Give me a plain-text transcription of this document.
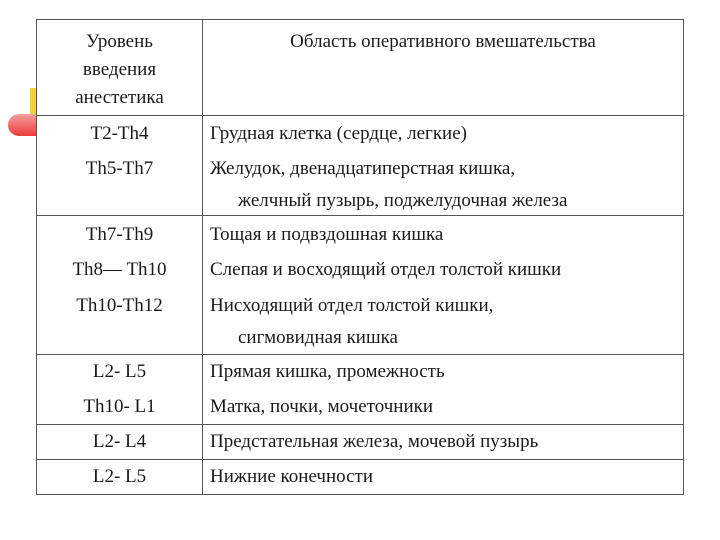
Уровень
введения
анестетика
Область оперативного вмешательства
T2-Th4
Th5-Th7
Th7-Th9
Th8— Th10
Th10-Th12
L2- L5
Th10- L1
L2- L4
L2- L5
Грудная клетка (сердце, легкие)
Желудок, двенадцатиперстная кишка,
желчный пузырь, поджелудочная железа
Тощая и подвздошная кишка
Слепая и восходящий отдел толстой кишки
Нисходящий отдел толстой кишки,
сигмовидная кишка
Прямая кишка, промежность
Матка, почки, мочеточники
Предстательная железа, мочевой пузырь
Нижние конечности
